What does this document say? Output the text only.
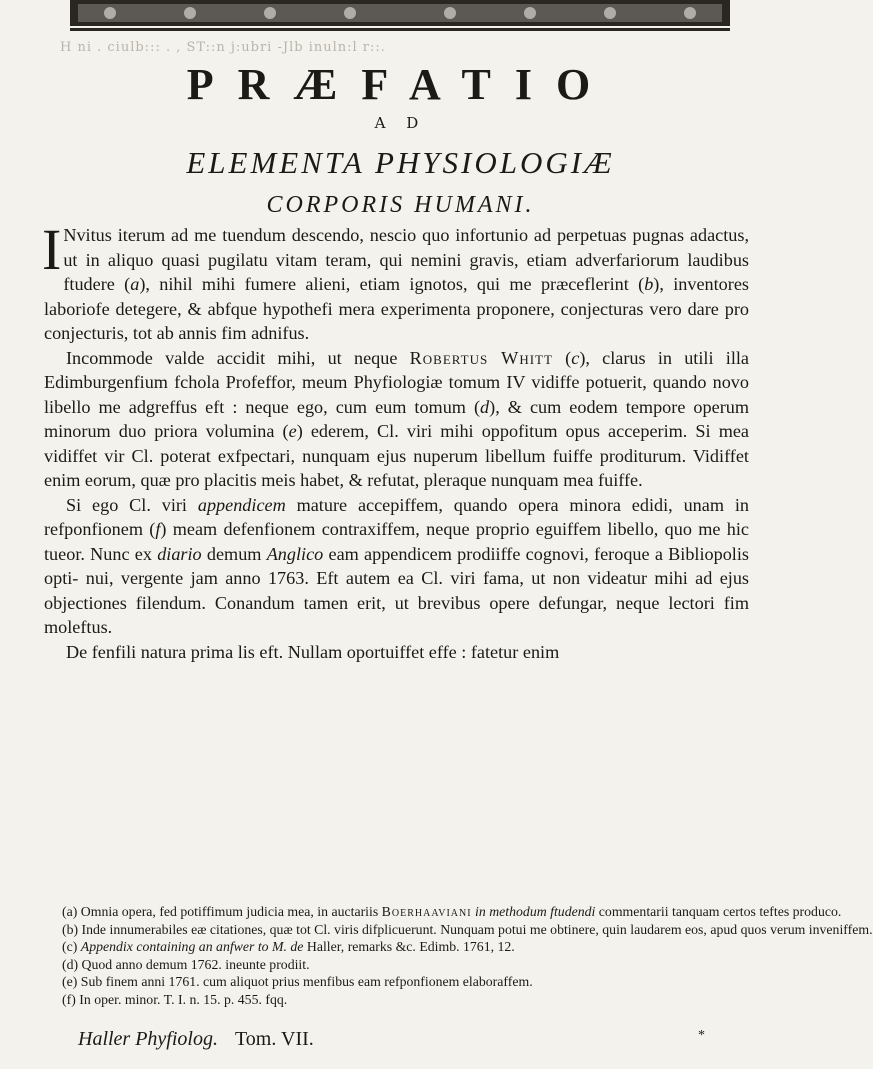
H ni . ciulb::: . , ST::n j:ubri -Jlb inuln:l r::.
PRÆFATIO
A D
ELEMENTA PHYSIOLOGIÆ
CORPORIS HUMANI.

I Nvitus iterum ad me tuendum descendo, nescio quo infortunio ad perpetuas pugnas adactus, ut in aliquo quasi pugilatu vitam teram, qui nemini gravis, etiam adverfariorum laudibus ftudere (a), nihil mihi fumere alieni, etiam ignotos, qui me præceflerint (b), inventores laboriofe detegere, & abfque hypothefi mera experimenta proponere, conjecturas vero dare pro conjecturis, tot ab annis fim adnifus.

Incommode valde accidit mihi, ut neque Robertus Whitt (c), clarus in utili illa Edimburgenfium fchola Profeffor, meum Phyfiologiæ tomum IV vidiffe potuerit, quando novo libello me adgreffus eft : neque ego, cum eum tomum (d), & cum eodem tempore operum minorum duo priora volumina (e) ederem, Cl. viri mihi oppofitum opus acceperim. Si mea vidiffet vir Cl. poterat exfpectari, nunquam ejus nuperum libellum fuiffe proditurum. Vidiffet enim eorum, quæ pro placitis meis habet, & refutat, pleraque nunquam mea fuiffe.

Si ego Cl. viri appendicem mature accepiffem, quando opera minora edidi, unam in refponfionem (f) meam defenfionem contraxiffem, neque proprio eguiffem libello, quo me hic tueor. Nunc ex diario demum Anglico eam appendicem prodiiffe cognovi, feroque a Bibliopolis opti- nui, vergente jam anno 1763. Eft autem ea Cl. viri fama, ut non videatur mihi ad ejus objectiones filendum. Conandum tamen erit, ut brevibus opere defungar, neque lectori fim moleftus.

De fenfili natura prima lis eft. Nullam oportuiffet effe : fatetur enim

(a) Omnia opera, fed potiffimum judicia mea, in auctariis Boerhaaviani in methodum ftudendi commentarii tanquam certos teftes produco.

(b) Inde innumerabiles eæ citationes, quæ tot Cl. viris difplicuerunt. Nunquam potui me obtinere, quin laudarem eos, apud quos verum inveniffem.

(c) Appendix containing an anfwer to M. de Haller, remarks &c. Edimb. 1761, 12.

(d) Quod anno demum 1762. ineunte prodiit.

(e) Sub finem anni 1761. cum aliquot prius menfibus eam refponfionem elaboraffem.

(f) In oper. minor. T. I. n. 15. p. 455. fqq.

Haller Phyfiolog. Tom. VII.	*
